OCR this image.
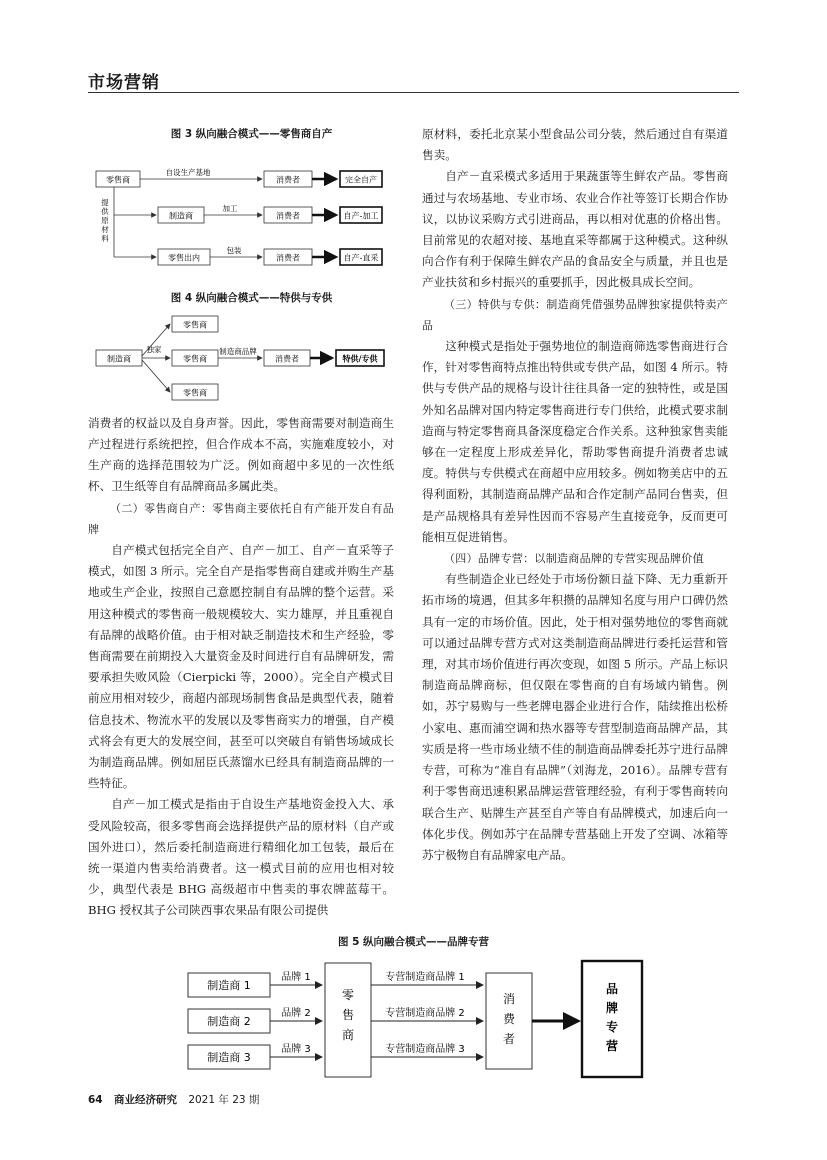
市场营销

图 3 纵向融合模式——零售商自产

零售商
自设生产基地
消费者	完全自产
提供原材料
制造商
加工
消费者	自产-加工
零售出内
包装
消费者	自产-直采

图 4 纵向融合模式——特供与专供

制造商
独家
零售商
零售商
零售商
制造商品牌
消费者	特供/专供

消费者的权益以及自身声誉。因此，零售商需要对制造商生产过程进行系统把控，但合作成本不高，实施难度较小，对生产商的选择范围较为广泛。例如商超中多见的一次性纸杯、卫生纸等自有品牌商品多属此类。

（二）零售商自产：零售商主要依托自有产能开发自有品牌

自产模式包括完全自产、自产－加工、自产－直采等子模式，如图 3 所示。完全自产是指零售商自建或并购生产基地或生产企业，按照自己意愿控制自有品牌的整个运营。采用这种模式的零售商一般规模较大、实力雄厚，并且重视自有品牌的战略价值。由于相对缺乏制造技术和生产经验，零售商需要在前期投入大量资金及时间进行自有品牌研发，需要承担失败风险（Cierpicki 等，2000）。完全自产模式目前应用相对较少，商超内部现场制售食品是典型代表，随着信息技术、物流水平的发展以及零售商实力的增强，自产模式将会有更大的发展空间，甚至可以突破自有销售场域成长为制造商品牌。例如屈臣氏蒸馏水已经具有制造商品牌的一些特征。

自产－加工模式是指由于自设生产基地资金投入大、承受风险较高，很多零售商会选择提供产品的原材料（自产或国外进口），然后委托制造商进行精细化加工包装，最后在统一渠道内售卖给消费者。这一模式目前的应用也相对较少，典型代表是 BHG 高级超市中售卖的事农牌蓝莓干。BHG 授权其子公司陕西事农果品有限公司提供

原材料，委托北京某小型食品公司分装，然后通过自有渠道售卖。

自产－直采模式多适用于果蔬蛋等生鲜农产品。零售商通过与农场基地、专业市场、农业合作社等签订长期合作协议，以协议采购方式引进商品，再以相对优惠的价格出售。目前常见的农超对接、基地直采等都属于这种模式。这种纵向合作有利于保障生鲜农产品的食品安全与质量，并且也是产业扶贫和乡村振兴的重要抓手，因此极具成长空间。

（三）特供与专供：制造商凭借强势品牌独家提供特卖产品

这种模式是指处于强势地位的制造商筛选零售商进行合作，针对零售商特点推出特供或专供产品，如图 4 所示。特供与专供产品的规格与设计往往具备一定的独特性，或是国外知名品牌对国内特定零售商进行专门供给，此模式要求制造商与特定零售商具备深度稳定合作关系。这种独家售卖能够在一定程度上形成差异化，帮助零售商提升消费者忠诚度。特供与专供模式在商超中应用较多。例如物美店中的五得利面粉，其制造商品牌产品和合作定制产品同台售卖，但是产品规格具有差异性因而不容易产生直接竞争，反而更可能相互促进销售。

（四）品牌专营：以制造商品牌的专营实现品牌价值

有些制造企业已经处于市场份额日益下降、无力重新开拓市场的境遇，但其多年积攒的品牌知名度与用户口碑仍然具有一定的市场价值。因此，处于相对强势地位的零售商就可以通过品牌专营方式对这类制造商品牌进行委托运营和管理，对其市场价值进行再次变现，如图 5 所示。产品上标识制造商品牌商标，但仅限在零售商的自有场域内销售。例如，苏宁易购与一些老牌电器企业进行合作，陆续推出松桥小家电、惠而浦空调和热水器等专营型制造商品牌产品，其实质是将一些市场业绩不佳的制造商品牌委托苏宁进行品牌专营，可称为“准自有品牌”（刘海龙，2016）。品牌专营有利于零售商迅速积累品牌运营管理经验，有利于零售商转向联合生产、贴牌生产甚至自产等自有品牌模式，加速后向一体化步伐。例如苏宁在品牌专营基础上开发了空调、冰箱等苏宁极物自有品牌家电产品。

图 5 纵向融合模式——品牌专营

制造商 1
制造商 2
制造商 3
品牌 1
品牌 2
品牌 3
零售商
专营制造商品牌 1
专营制造商品牌 2
专营制造商品牌 3
消费者
品牌专营
64 商业经济研究 2021 年 23 期
